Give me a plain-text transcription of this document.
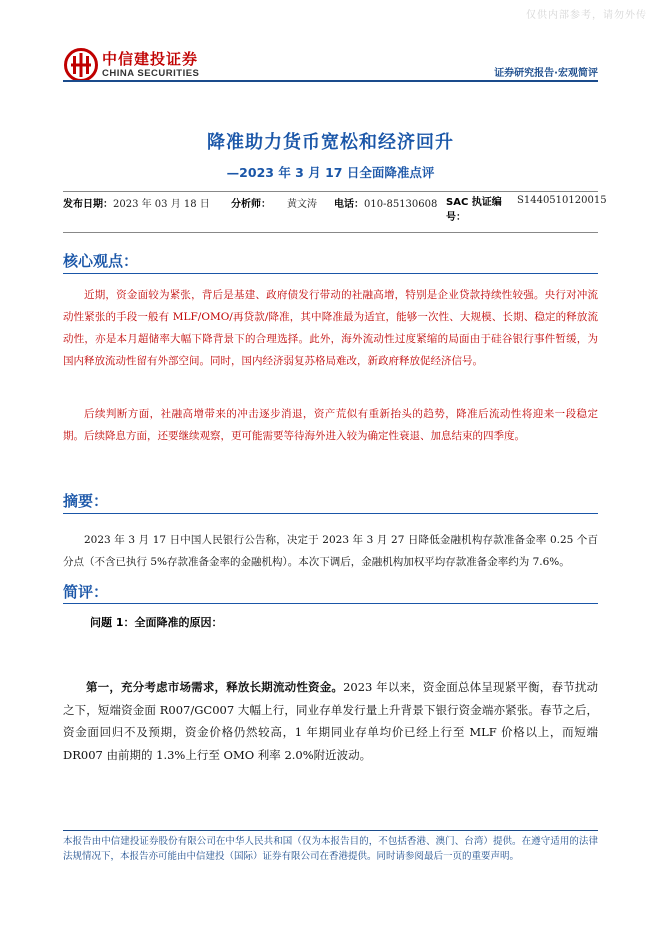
仅供内部参考，请勿外传
中信建投证券
CHINA SECURITIES	证券研究报告·宏观简评
降准助力货币宽松和经济回升
—2023 年 3 月 17 日全面降准点评
发布日期：2023 年 03 月 18 日 分析师： 黄文涛 电话：010-85130608 SAC 执证编
号：
S1440510120015
核心观点：
近期，资金面较为紧张，背后是基建、政府债发行带动的社融高增，特别是企业贷款持续性较强。央行对冲流动性紧张的手段一般有 MLF/OMO/再贷款/降准，其中降准最为适宜，能够一次性、大规模、长期、稳定的释放流动性，亦是本月超储率大幅下降背景下的合理选择。此外，海外流动性过度紧缩的局面由于硅谷银行事件暂缓，为国内释放流动性留有外部空间。同时，国内经济弱复苏格局难改，新政府释放促经济信号。
后续判断方面，社融高增带来的冲击逐步消退，资产荒似有重新抬头的趋势，降准后流动性将迎来一段稳定期。后续降息方面，还要继续观察，更可能需要等待海外进入较为确定性衰退、加息结束的四季度。
摘要：
2023 年 3 月 17 日中国人民银行公告称，决定于 2023 年 3 月 27 日降低金融机构存款准备金率 0.25 个百分点（不含已执行 5%存款准备金率的金融机构）。本次下调后，金融机构加权平均存款准备金率约为 7.6%。
简评：
问题 1：全面降准的原因：
第一，充分考虑市场需求，释放长期流动性资金。2023 年以来，资金面总体呈现紧平衡，春节扰动之下，短端资金面 R007/GC007 大幅上行，同业存单发行量上升背景下银行资金端亦紧张。春节之后，资金面回归不及预期，资金价格仍然较高，1 年期同业存单均价已经上行至 MLF 价格以上，而短端 DR007 由前期的 1.3%上行至 OMO 利率 2.0%附近波动。
本报告由中信建投证券股份有限公司在中华人民共和国（仅为本报告目的，不包括香港、澳门、台湾）提供。在遵守适用的法律法规情况下，本报告亦可能由中信建投（国际）证券有限公司在香港提供。同时请参阅最后一页的重要声明。
